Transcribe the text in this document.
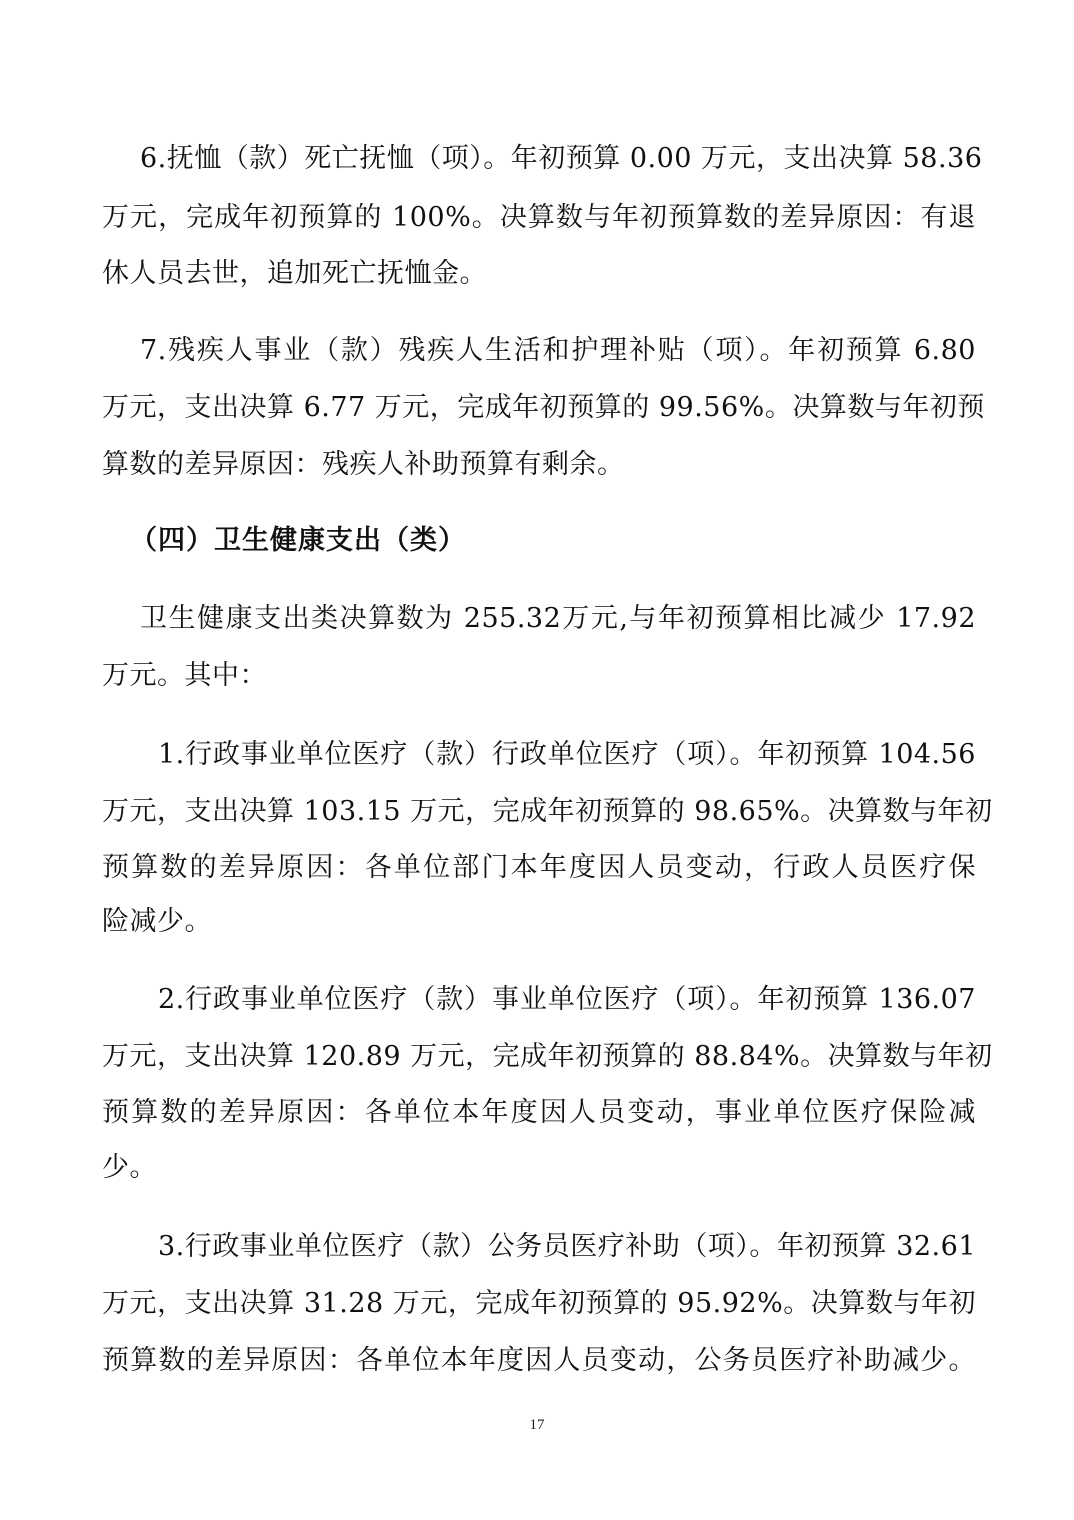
6.抚恤（款）死亡抚恤（项）。年初预算 0.00 万元，支出决算 58.36
万元，完成年初预算的 100%。决算数与年初预算数的差异原因：有退
休人员去世，追加死亡抚恤金。
7.残疾人事业（款）残疾人生活和护理补贴（项）。年初预算 6.80
万元，支出决算 6.77 万元，完成年初预算的 99.56%。决算数与年初预
算数的差异原因：残疾人补助预算有剩余。
（四）卫生健康支出（类）
卫生健康支出类决算数为 255.32万元,与年初预算相比减少 17.92
万元。其中：
1.行政事业单位医疗（款）行政单位医疗（项）。年初预算 104.56
万元，支出决算 103.15 万元，完成年初预算的 98.65%。决算数与年初
预算数的差异原因：各单位部门本年度因人员变动，行政人员医疗保
险减少。
2.行政事业单位医疗（款）事业单位医疗（项）。年初预算 136.07
万元，支出决算 120.89 万元，完成年初预算的 88.84%。决算数与年初
预算数的差异原因：各单位本年度因人员变动，事业单位医疗保险减
少。
3.行政事业单位医疗（款）公务员医疗补助（项）。年初预算 32.61
万元，支出决算 31.28 万元，完成年初预算的 95.92%。决算数与年初
预算数的差异原因：各单位本年度因人员变动，公务员医疗补助减少。
17
